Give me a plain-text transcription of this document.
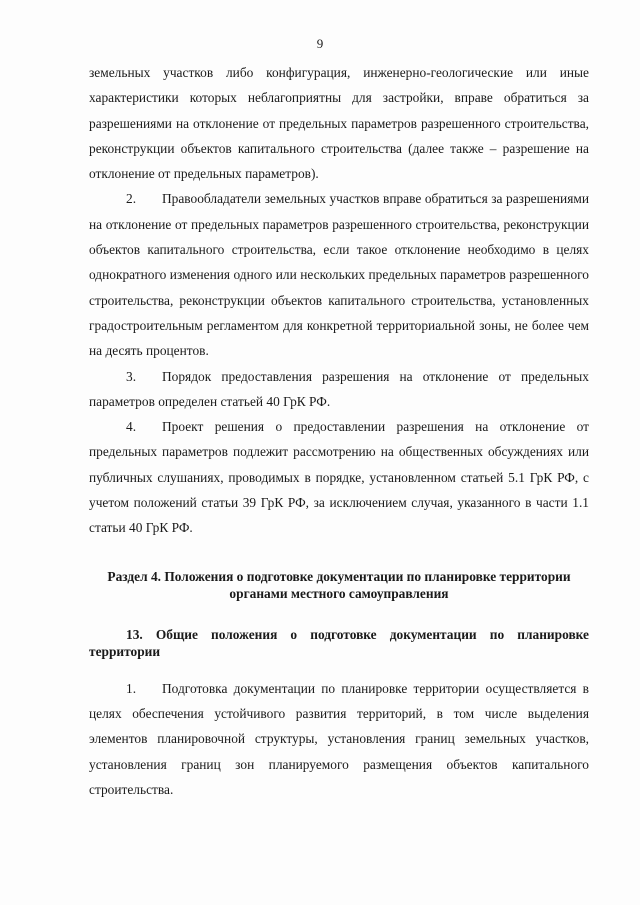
9

земельных участков либо конфигурация, инженерно-геологические или иные характеристики которых неблагоприятны для застройки, вправе обратиться за разрешениями на отклонение от предельных параметров разрешенного строительства, реконструкции объектов капитального строительства (далее также – разрешение на отклонение от предельных параметров).

2. Правообладатели земельных участков вправе обратиться за разрешениями на отклонение от предельных параметров разрешенного строительства, реконструкции объектов капитального строительства, если такое отклонение необходимо в целях однократного изменения одного или нескольких предельных параметров разрешенного строительства, реконструкции объектов капитального строительства, установленных градостроительным регламентом для конкретной территориальной зоны, не более чем на десять процентов.

3. Порядок предоставления разрешения на отклонение от предельных параметров определен статьей 40 ГрК РФ.

4. Проект решения о предоставлении разрешения на отклонение от предельных параметров подлежит рассмотрению на общественных обсуждениях или публичных слушаниях, проводимых в порядке, установленном статьей 5.1 ГрК РФ, с учетом положений статьи 39 ГрК РФ, за исключением случая, указанного в части 1.1 статьи 40 ГрК РФ.

Раздел 4. Положения о подготовке документации по планировке территории органами местного самоуправления

13. Общие положения о подготовке документации по планировке территории

1. Подготовка документации по планировке территории осуществляется в целях обеспечения устойчивого развития территорий, в том числе выделения элементов планировочной структуры, установления границ земельных участков, установления границ зон планируемого размещения объектов капитального строительства.
